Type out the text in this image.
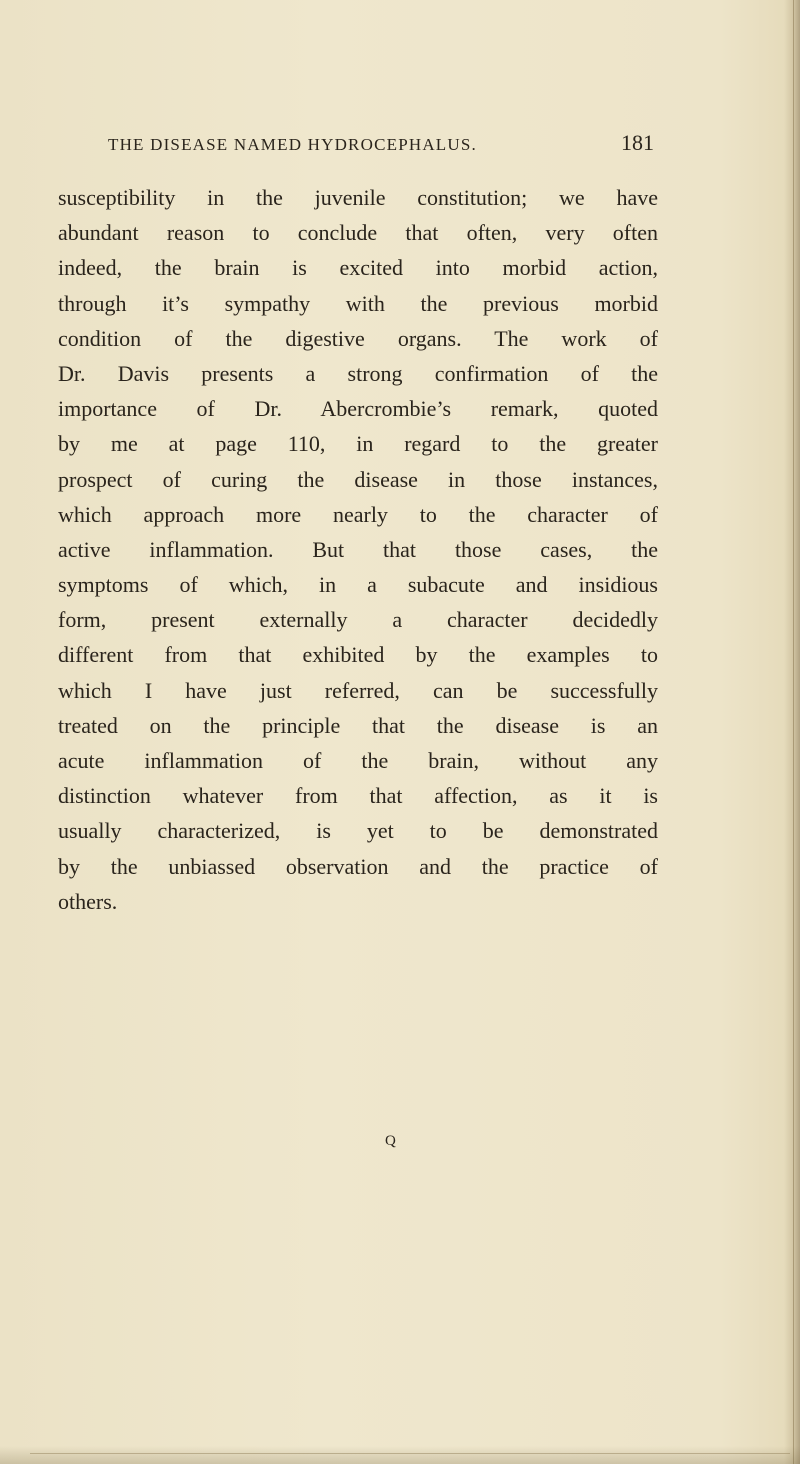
THE DISEASE NAMED HYDROCEPHALUS.	181
susceptibility in the juvenile constitution; we have
abundant reason to conclude that often, very often
indeed, the brain is excited into morbid action,
through it’s sympathy with the previous morbid
condition of the digestive organs. The work of
Dr. Davis presents a strong confirmation of the
importance of Dr. Abercrombie’s remark, quoted
by me at page 110, in regard to the greater
prospect of curing the disease in those instances,
which approach more nearly to the character of
active inflammation. But that those cases, the
symptoms of which, in a subacute and insidious
form, present externally a character decidedly
different from that exhibited by the examples to
which I have just referred, can be successfully
treated on the principle that the disease is an
acute inflammation of the brain, without any
distinction whatever from that affection, as it is
usually characterized, is yet to be demonstrated
by the unbiassed observation and the practice of
others.
Q
